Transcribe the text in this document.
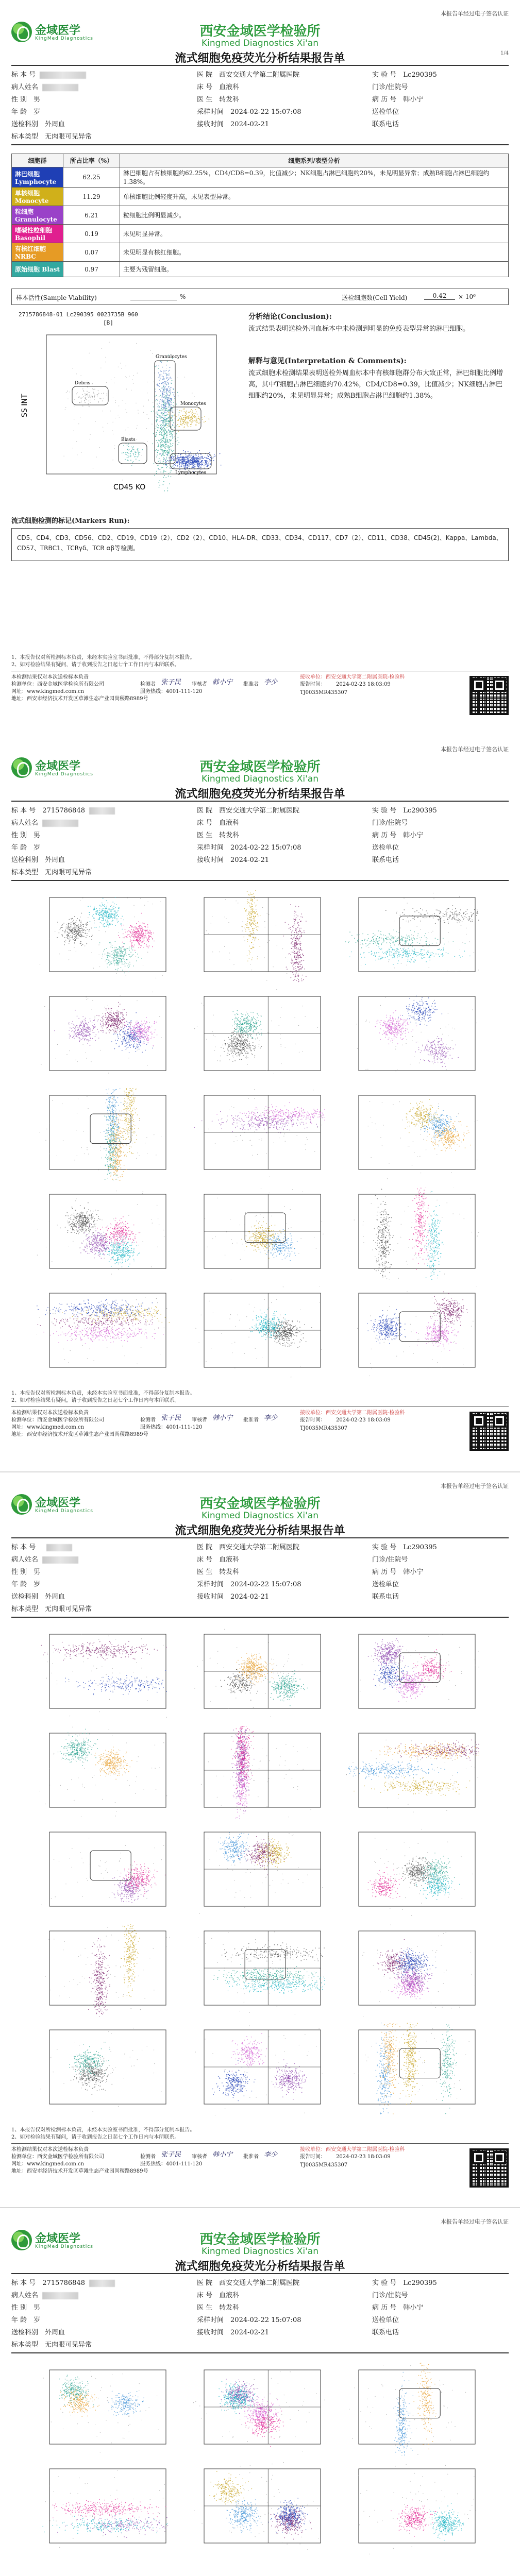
本报告单经过电子签名认证
金域医学
KingMed Diagnostics	西安金域医学检验所
Kingmed Diagnostics Xi'an
流式细胞免疫荧光分析结果报告单	1/4
标 本 号	医 院　 西安交通大学第二附属医院	实 验 号　 Lc290395
病人姓名	床 号　 血液科	门诊/住院号
性 别　 男	医 生　 转发科	病 历 号　 韩小宁
年 龄　 岁	采样时间　 2024-02-22 15:07:08	送检单位
送检科别　 外周血	接收时间　 2024-02-21	联系电话
标本类型　 无肉眼可见异常
细胞群	所占比率（%）	细胞系列/表型分析
淋巴细胞 Lymphocyte	62.25	淋巴细胞占有核细胞约62.25%，CD4/CD8=0.39，比值减少；NK细胞占淋巴细胞约20%，未见明显异常；成熟B细胞占淋巴细胞约1.38%。
单核细胞 Monocyte	11.29	单核细胞比例轻度升高，未见表型异常。
粒细胞 Granulocyte	6.21	粒细胞比例明显减少。
嗜碱性粒细胞 Basophil	0.19	未见明显异常。
有核红细胞 NRBC	0.07	未见明显有核红细胞。
原始细胞 Blast	0.97	主要为残留细胞。
样本活性(Sample Viability)	%	送检细胞数(Cell Yield)	0.42	× 10⁶
2715786848-01 Lc290395 0023735B 960
[B]
Granulocytes
Monocytes
Lymphocytes
Blasts
Debris
CD45 KO
SS INT
分析结论(Conclusion):

流式结果表明送检外周血标本中未检测到明显的免疫表型异常的淋巴细胞。

解释与意见(Interpretation & Comments):

流式细胞术检测结果表明送检外周血标本中有核细胞群分布大致正常，淋巴细胞比例增高，其中T细胞占淋巴细胞约70.42%，CD4/CD8=0.39，比值减少；NK细胞占淋巴细胞约20%，未见明显异常；成熟B细胞占淋巴细胞约1.38%。

流式细胞检测的标记(Markers Run):
CD5、CD4、CD3、CD56、CD2、CD19、CD19（2）、CD2（2）、CD10、HLA-DR、CD33、CD34、CD117、CD7（2）、CD11、CD38、CD45(2)、Kappa、Lambda、CD57、TRBC1、TCRγδ、TCR αβ等检测。
1、本报告仅对所检测标本负责，未经本实验室书面批准，不得部分复制本报告。
2、如对检验结果有疑问，请于收到报告之日起七个工作日内与本所联系。
本检测结果仅对本次送检标本负责
检测单位：西安金域医学检验所有限公司
网址：www.kingmed.com.cn
地址：西安市经济技术开发区草滩生态产业园尚稷路8989号
检测者 张子民 审核者 韩小宁 批准者 李少
服务热线：4001-111-120
接收单位：西安交通大学第二附属医院-检验科
报告时间： 2024-02-23 18:03:09
TJ0035MR435307
本报告单经过电子签名认证
金域医学
KingMed Diagnostics	西安金域医学检验所
Kingmed Diagnostics Xi'an
流式细胞免疫荧光分析结果报告单
标 本 号　 2715786848	医 院　 西安交通大学第二附属医院	实 验 号　 Lc290395
病人姓名	床 号　 血液科	门诊/住院号
性 别　 男	医 生　 转发科	病 历 号　 韩小宁
年 龄　 岁	采样时间　 2024-02-22 15:07:08	送检单位
送检科别　 外周血	接收时间　 2024-02-21	联系电话
标本类型　 无肉眼可见异常
1、本报告仅对所检测标本负责，未经本实验室书面批准，不得部分复制本报告。
2、如对检验结果有疑问，请于收到报告之日起七个工作日内与本所联系。
本检测结果仅对本次送检标本负责
检测单位：西安金域医学检验所有限公司
网址：www.kingmed.com.cn
地址：西安市经济技术开发区草滩生态产业园尚稷路8989号
检测者 张子民 审核者 韩小宁 批准者 李少
服务热线：4001-111-120
接收单位：西安交通大学第二附属医院-检验科
报告时间： 2024-02-23 18:03:09
TJ0035MR435307
本报告单经过电子签名认证
金域医学
KingMed Diagnostics	西安金域医学检验所
Kingmed Diagnostics Xi'an
流式细胞免疫荧光分析结果报告单
标 本 号　	医 院　 西安交通大学第二附属医院	实 验 号　 Lc290395
病人姓名	床 号　 血液科	门诊/住院号
性 别　 男	医 生　 转发科	病 历 号　 韩小宁
年 龄　 岁	采样时间　 2024-02-22 15:07:08	送检单位
送检科别　 外周血	接收时间　 2024-02-21	联系电话
标本类型　 无肉眼可见异常
1、本报告仅对所检测标本负责，未经本实验室书面批准，不得部分复制本报告。
2、如对检验结果有疑问，请于收到报告之日起七个工作日内与本所联系。
本检测结果仅对本次送检标本负责
检测单位：西安金域医学检验所有限公司
网址：www.kingmed.com.cn
地址：西安市经济技术开发区草滩生态产业园尚稷路8989号
检测者 张子民 审核者 韩小宁 批准者 李少
服务热线：4001-111-120
接收单位：西安交通大学第二附属医院-检验科
报告时间： 2024-02-23 18:03:09
TJ0035MR435307
本报告单经过电子签名认证
金域医学
KingMed Diagnostics	西安金域医学检验所
Kingmed Diagnostics Xi'an
流式细胞免疫荧光分析结果报告单
标 本 号　 2715786848	医 院　 西安交通大学第二附属医院	实 验 号　 Lc290395
病人姓名	床 号　 血液科	门诊/住院号
性 别　 男	医 生　 转发科	病 历 号　 韩小宁
年 龄　 岁	采样时间　 2024-02-22 15:07:08	送检单位
送检科别　 外周血	接收时间　 2024-02-21	联系电话
标本类型　 无肉眼可见异常
